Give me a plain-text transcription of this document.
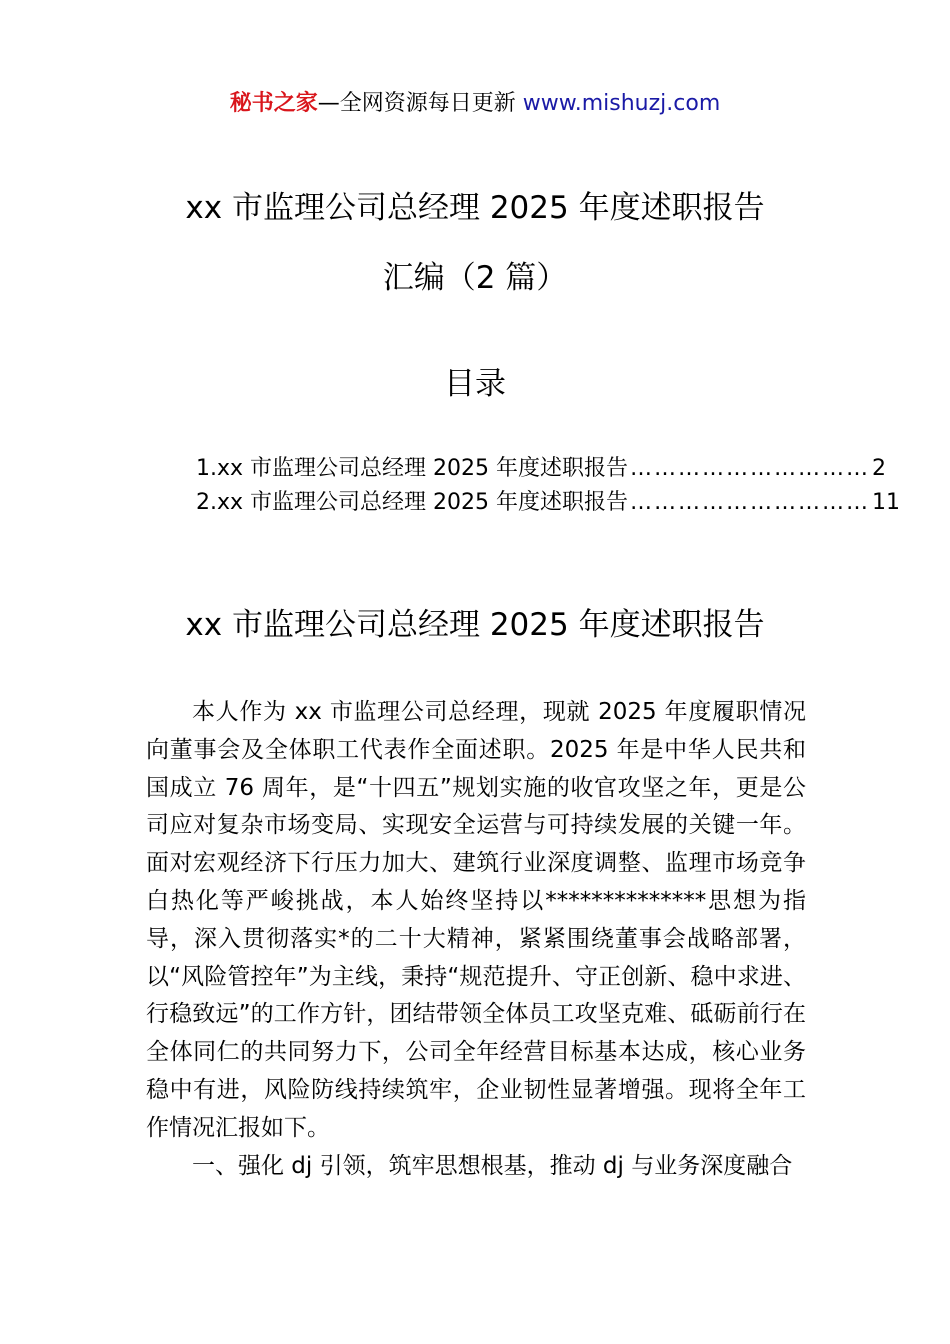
秘书之家—全网资源每日更新 www.mishuzj.com
xx 市监理公司总经理 2025 年度述职报告
汇编（2 篇）
目录
1.xx 市监理公司总经理 2025 年度述职报告 ………………………… 2
2.xx 市监理公司总经理 2025 年度述职报告 ………………………… 11
xx 市监理公司总经理 2025 年度述职报告

本人作为 xx 市监理公司总经理，现就 2025 年度履职情况向董事会及全体职工代表作全面述职。2025 年是中华人民共和国成立 76 周年，是“十四五”规划实施的收官攻坚之年，更是公司应对复杂市场变局、实现安全运营与可持续发展的关键一年。面对宏观经济下行压力加大、建筑行业深度调整、监理市场竞争白热化等严峻挑战，本人始终坚持以**************思想为指导，深入贯彻落实*的二十大精神，紧紧围绕董事会战略部署，以“风险管控年”为主线，秉持“规范提升、守正创新、稳中求进、行稳致远”的工作方针，团结带领全体员工攻坚克难、砥砺前行在全体同仁的共同努力下，公司全年经营目标基本达成，核心业务稳中有进，风险防线持续筑牢，企业韧性显著增强。现将全年工作情况汇报如下。

一、强化 dj 引领，筑牢思想根基，推动 dj 与业务深度融合
